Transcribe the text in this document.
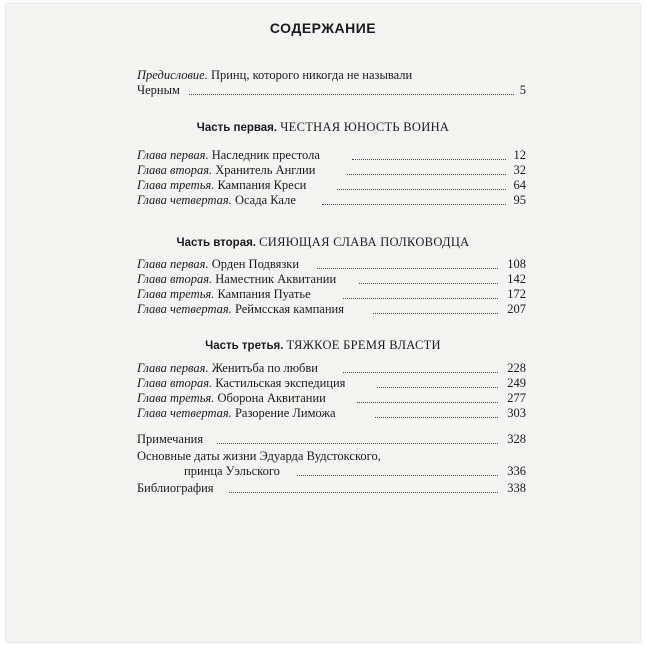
СОДЕРЖАНИЕ
Предисловие. Принц, которого никогда не называли
Черным	5
Часть первая. ЧЕСТНАЯ ЮНОСТЬ ВОИНА
Глава первая. Наследник престола	12
Глава вторая. Хранитель Англии	32
Глава третья. Кампания Креси	64
Глава четвертая. Осада Кале	95
Часть вторая. СИЯЮЩАЯ СЛАВА ПОЛКОВОДЦА
Глава первая. Орден Подвязки	108
Глава вторая. Наместник Аквитании	142
Глава третья. Кампания Пуатье	172
Глава четвертая. Реймсская кампания	207
Часть третья. ТЯЖКОЕ БРЕМЯ ВЛАСТИ
Глава первая. Женитьба по любви	228
Глава вторая. Кастильская экспедиция	249
Глава третья. Оборона Аквитании	277
Глава четвертая. Разорение Лиможа	303
Примечания	328
Основные даты жизни Эдуарда Вудстокского,
принца Уэльского	336
Библиография	338
